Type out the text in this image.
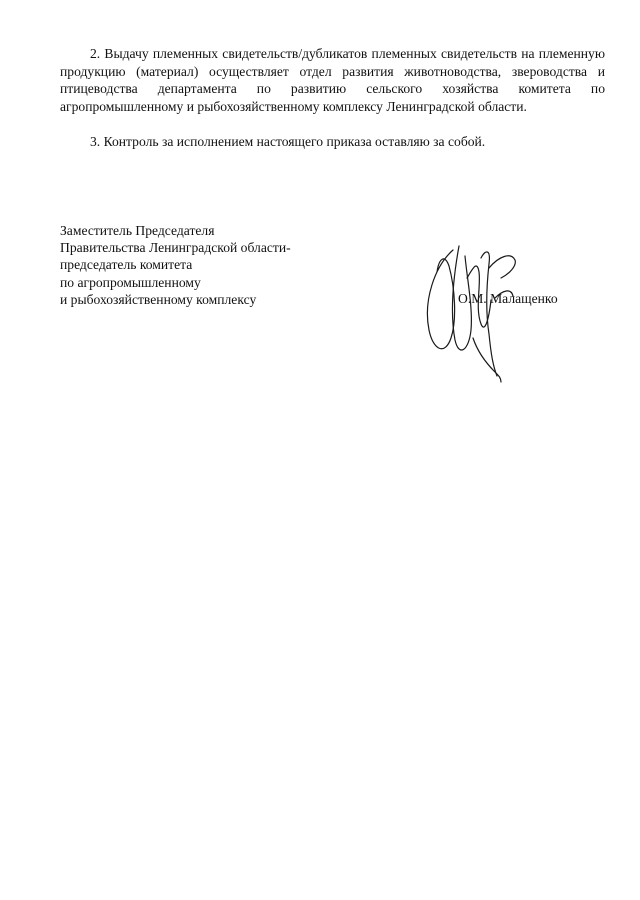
2. Выдачу племенных свидетельств/дубликатов племенных свидетельств на племенную продукцию (материал) осуществляет отдел развития животноводства, звероводства и птицеводства департамента по развитию сельского хозяйства комитета по агропромышленному и рыбохозяйственному комплексу Ленинградской области.

3. Контроль за исполнением настоящего приказа оставляю за собой.

Заместитель Председателя
Правительства Ленинградской области-
председатель комитета
по агропромышленному
и рыбохозяйственному комплексу	О.М. Малащенко
